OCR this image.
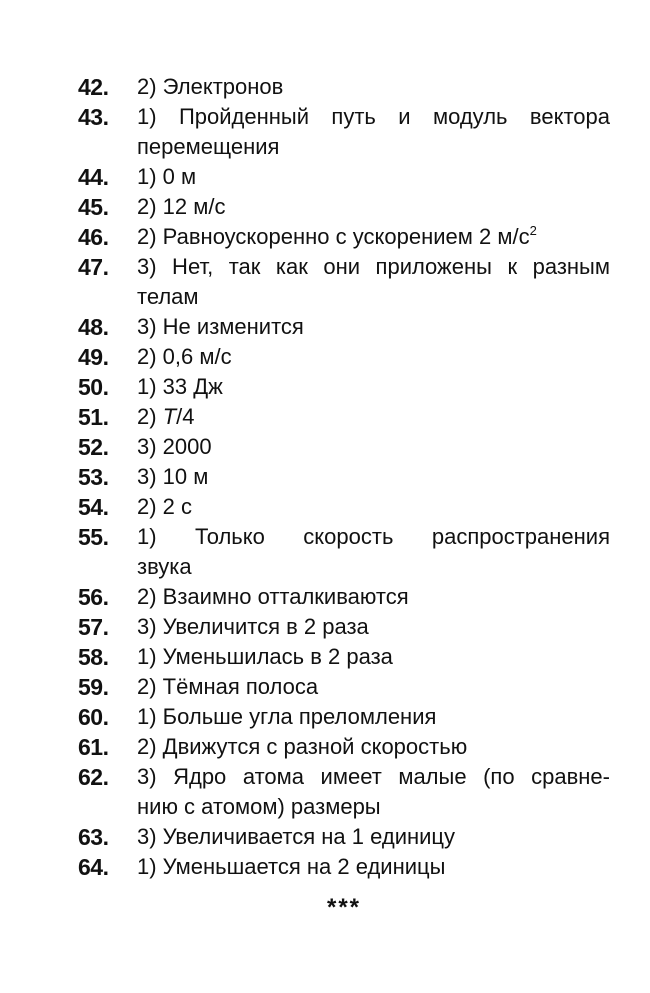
42.	2) Электронов
43.	1) Пройденный путь и модуль вектора
перемещения
44.	1) 0 м
45.	2) 12 м/с
46.	2) Равноускоренно с ускорением 2 $м/с^2$
47.	3) Нет, так как они приложены к разным
телам
48.	3) Не изменится
49.	2) 0,6 м/с
50.	1) 33 Дж
51.	2) T/4
52.	3) 2000
53.	3) 10 м
54.	2) 2 с
55.	1) Только скорость распространения
звука
56.	2) Взаимно отталкиваются
57.	3) Увеличится в 2 раза
58.	1) Уменьшилась в 2 раза
59.	2) Тёмная полоса
60.	1) Больше угла преломления
61.	2) Движутся с разной скоростью
62.	3) Ядро атома имеет малые (по сравне-
нию с атомом) размеры
63.	3) Увеличивается на 1 единицу
64.	1) Уменьшается на 2 единицы
***
